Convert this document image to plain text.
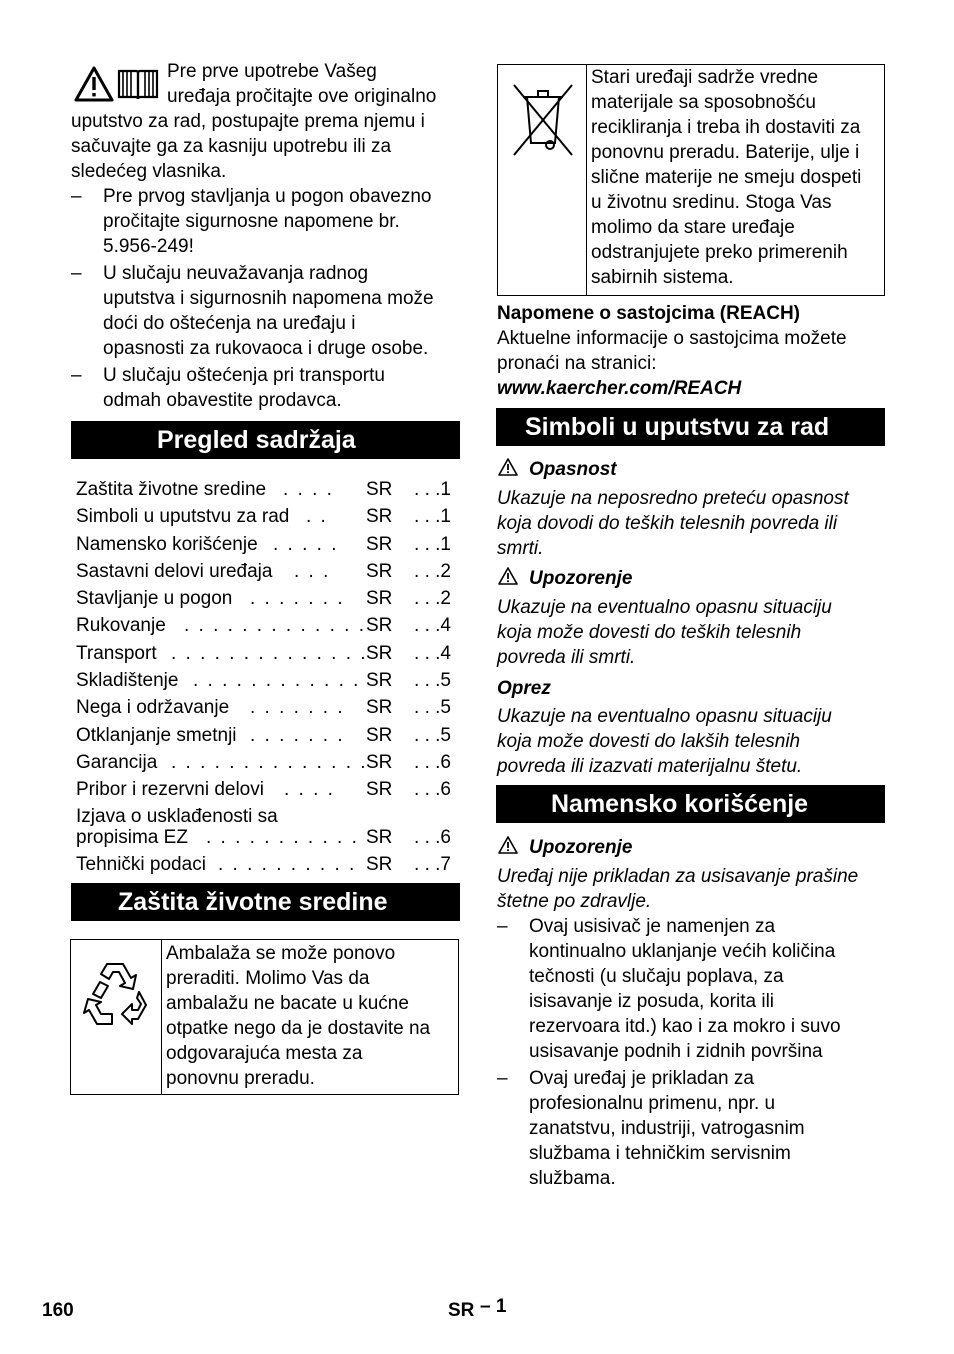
Pre prve upotrebe Vašeg
uređaja pročitajte ove originalno
uputstvo za rad, postupajte prema njemu i
sačuvajte ga za kasniju upotrebu ili za
sledećeg vlasnika.
– Pre prvog stavljanja u pogon obavezno
pročitajte sigurnosne napomene br.
5.956-249!
– U slučaju neuvažavanja radnog
uputstva i sigurnosnih napomena može
doći do oštećenja na uređaju i
opasnosti za rukovaoca i druge osobe.
– U slučaju oštećenja pri transportu
odmah obavestite prodavca.
Pregled sadržaja
Zaštita životne sredine . . . . SR . . .1
Simboli u uputstvu za rad . . SR . . .1
Namensko korišćenje . . . . . SR . . .1
Sastavni delovi uređaja . . . SR . . .2
Stavljanje u pogon . . . . . . . SR . . .2
Rukovanje . . . . . . . . . . . . . SR . . .4
Transport . . . . . . . . . . . . . .
SR . . .4
Skladištenje . . . . . . . . . . . . SR . . .5
Nega i održavanje . . . . . . . SR . . .5
Otklanjanje smetnji . . . . . . . SR . . .5
Garancija . . . . . . . . . . . . . .
SR . . .6
Pribor i rezervni delovi . . . . SR . . .6
Izjava o usklađenosti sa
propisima EZ . . . . . . . . . . . SR . . .6
Tehnički podaci . . . . . . . . . . SR . . .7
Zaštita životne sredine
Ambalaža se može ponovo
preraditi. Molimo Vas da
ambalažu ne bacate u kućne
otpatke nego da je dostavite na
odgovarajuća mesta za
ponovnu preradu.
Stari uređaji sadrže vredne
materijale sa sposobnošću
recikliranja i treba ih dostaviti za
ponovnu preradu. Baterije, ulje i
slične materije ne smeju dospeti
u životnu sredinu. Stoga Vas
molimo da stare uređaje
odstranjujete preko primerenih
sabirnih sistema.
Napomene o sastojcima (REACH)
Aktuelne informacije o sastojcima možete
pronaći na stranici:
www.kaercher.com/REACH
Simboli u uputstvu za rad
Opasnost
Ukazuje na neposredno preteću opasnost
koja dovodi do teških telesnih povreda ili
smrti.
Upozorenje
Ukazuje na eventualno opasnu situaciju
koja može dovesti do teških telesnih
povreda ili smrti.
Oprez
Ukazuje na eventualno opasnu situaciju
koja može dovesti do lakših telesnih
povreda ili izazvati materijalnu štetu.
Namensko korišćenje
Upozorenje
Uređaj nije prikladan za usisavanje prašine
štetne po zdravlje.
– Ovaj usisivač je namenjen za
kontinualno uklanjanje većih količina
tečnosti (u slučaju poplava, za
isisavanje iz posuda, korita ili
rezervoara itd.) kao i za mokro i suvo
usisavanje podnih i zidnih površina
– Ovaj uređaj je prikladan za
profesionalnu primenu, npr. u
zanatstvu, industriji, vatrogasnim
službama i tehničkim servisnim
službama.
160	SR – 1
